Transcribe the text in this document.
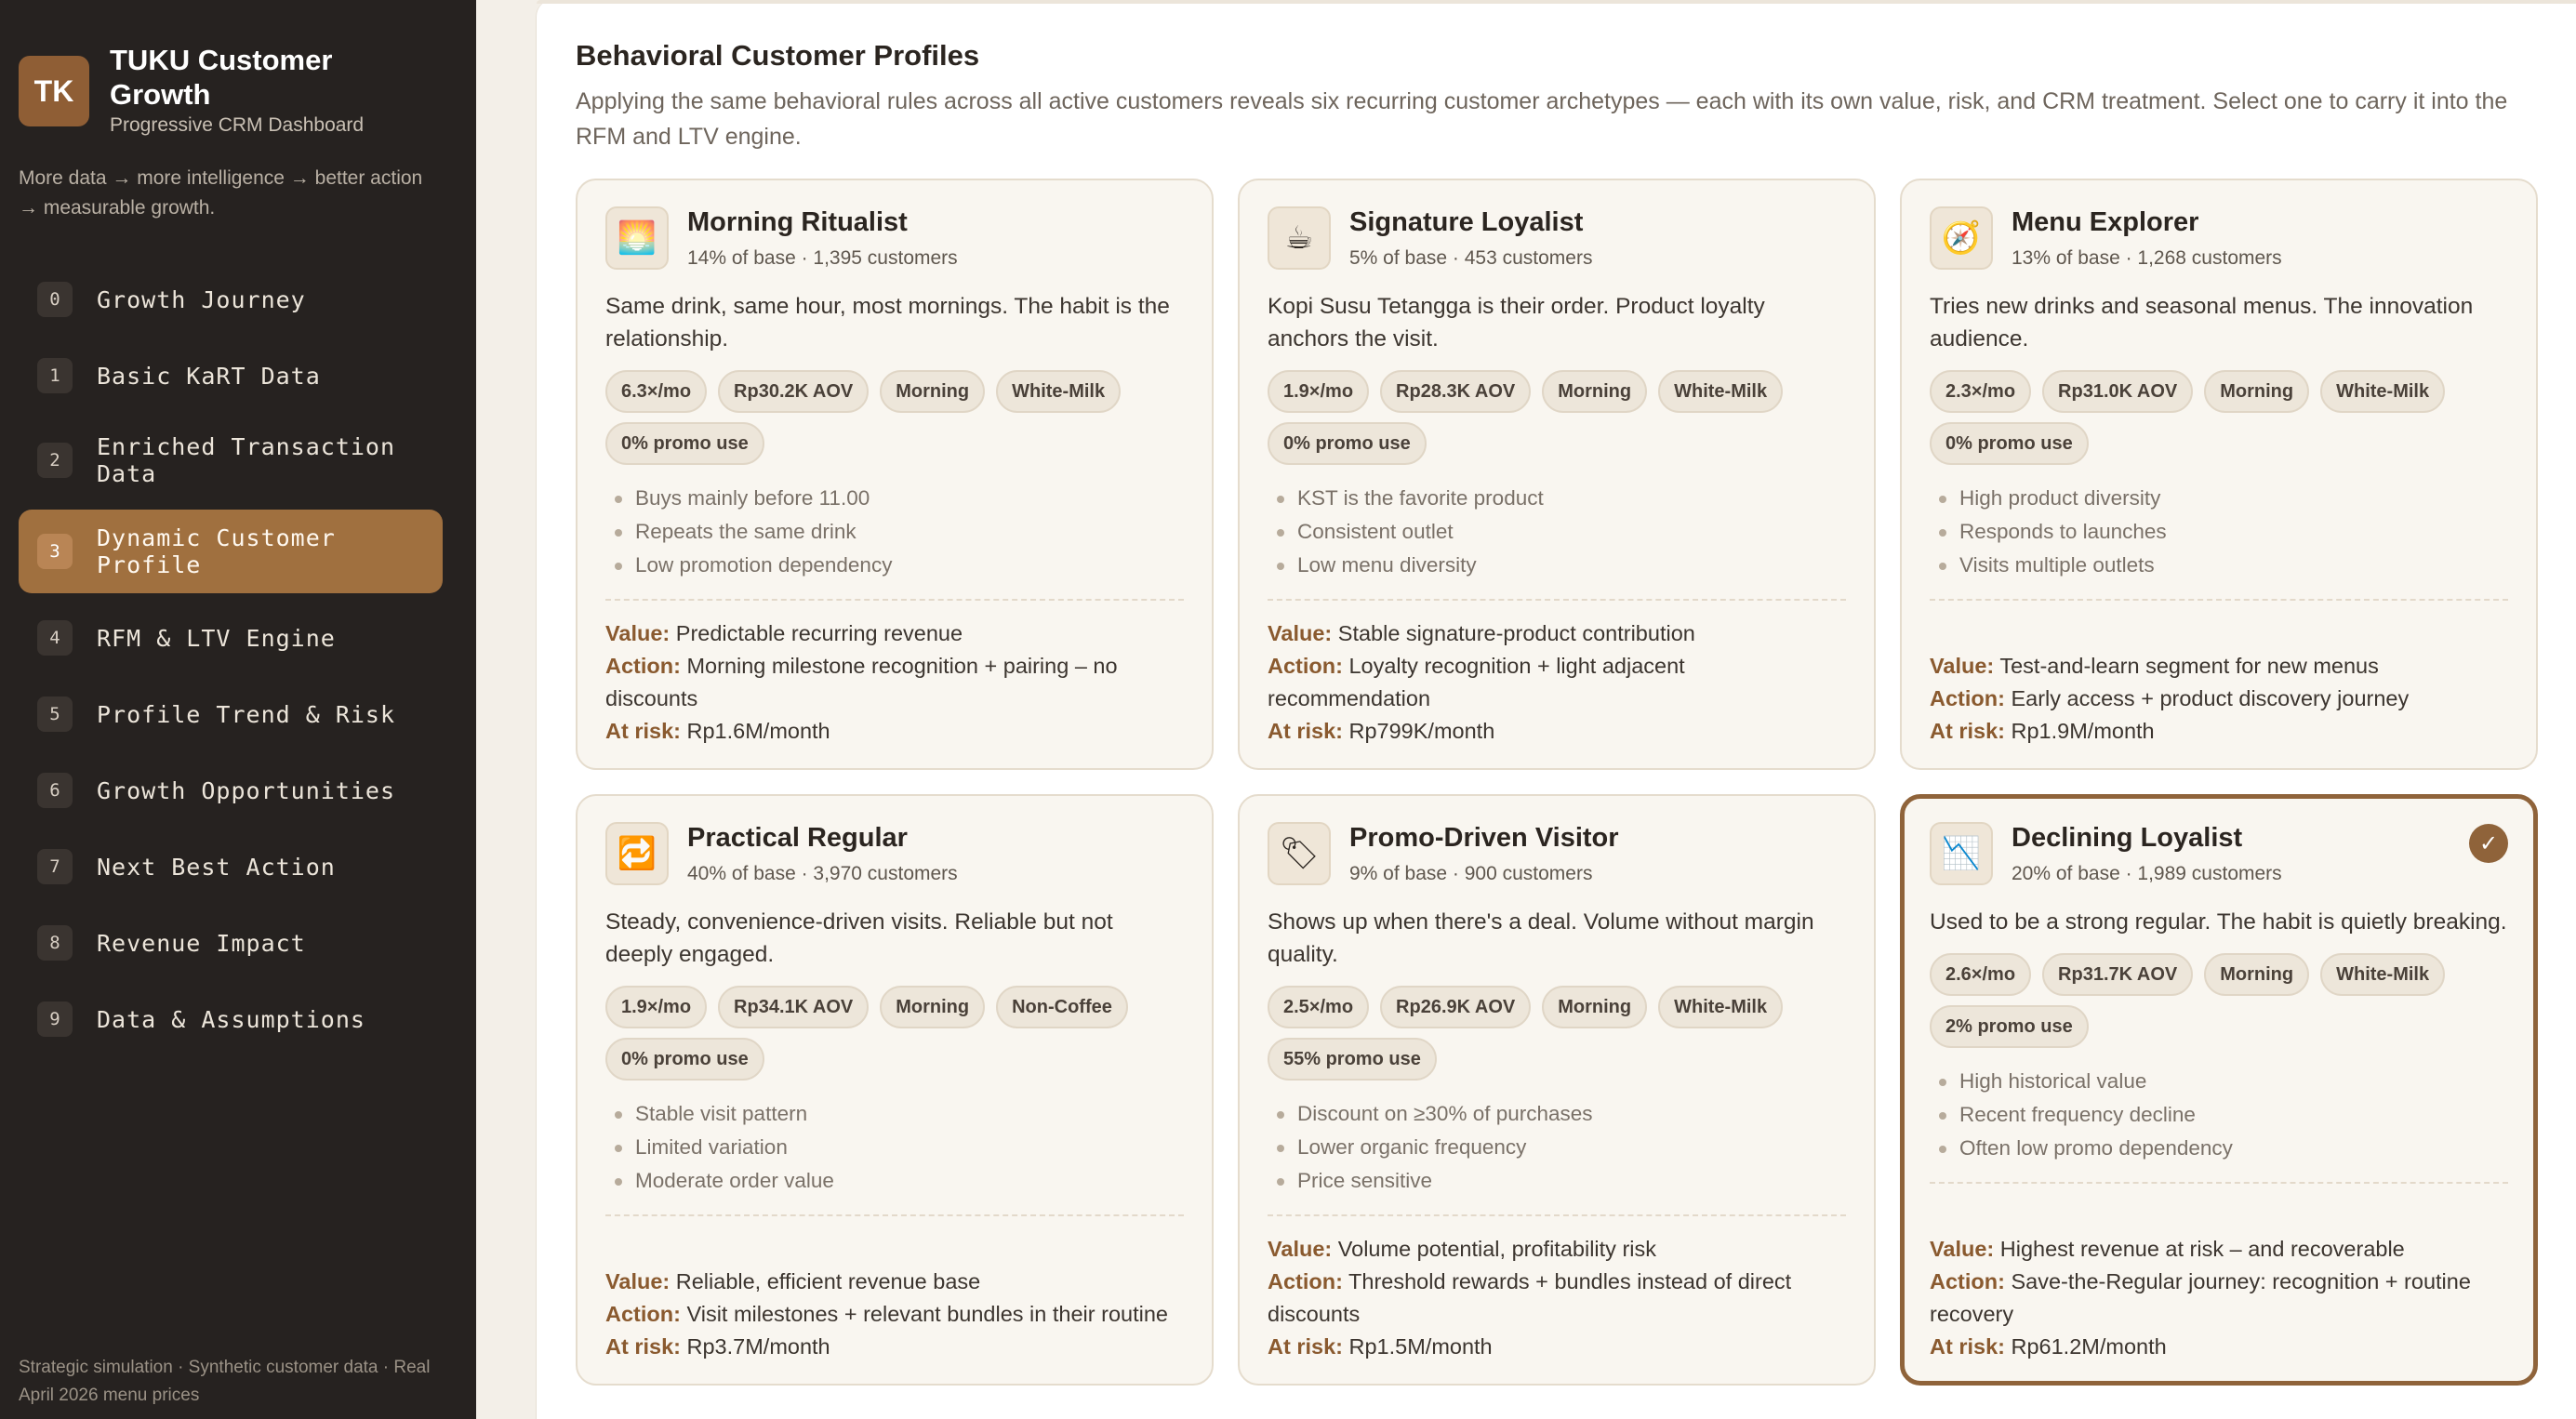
TK
TUKU Customer Growth
Progressive CRM Dashboard
More data → more intelligence → better action → measurable growth.
0	Growth Journey
1	Basic KaRT Data
2	Enriched Transaction Data
3	Dynamic Customer Profile
4	RFM & LTV Engine
5	Profile Trend & Risk
6	Growth Opportunities
7	Next Best Action
8	Revenue Impact
9	Data & Assumptions
Strategic simulation · Synthetic customer data · Real April 2026 menu prices
Behavioral Customer Profiles

Applying the same behavioral rules across all active customers reveals six recurring customer archetypes — each with its own value, risk, and CRM treatment. Select one to carry it into the RFM and LTV engine.

🌅	Morning Ritualist
14% of base · 1,395 customers
Same drink, same hour, most mornings. The habit is the relationship.
6.3×/mo	Rp30.2K AOV	Morning	White-Milk
0% promo use
Buys mainly before 11.00
Repeats the same drink
Low promotion dependency
Value: Predictable recurring revenue
Action: Morning milestone recognition + pairing – no discounts
At risk: Rp1.6M/month
☕	Signature Loyalist
5% of base · 453 customers
Kopi Susu Tetangga is their order. Product loyalty anchors the visit.
1.9×/mo	Rp28.3K AOV	Morning	White-Milk
0% promo use
KST is the favorite product
Consistent outlet
Low menu diversity
Value: Stable signature-product contribution
Action: Loyalty recognition + light adjacent recommendation
At risk: Rp799K/month
🧭	Menu Explorer
13% of base · 1,268 customers
Tries new drinks and seasonal menus. The innovation audience.
2.3×/mo	Rp31.0K AOV	Morning	White-Milk
0% promo use
High product diversity
Responds to launches
Visits multiple outlets
Value: Test-and-learn segment for new menus
Action: Early access + product discovery journey
At risk: Rp1.9M/month
🔁	Practical Regular
40% of base · 3,970 customers
Steady, convenience-driven visits. Reliable but not deeply engaged.
1.9×/mo	Rp34.1K AOV	Morning	Non-Coffee
0% promo use
Stable visit pattern
Limited variation
Moderate order value
Value: Reliable, efficient revenue base
Action: Visit milestones + relevant bundles in their routine
At risk: Rp3.7M/month
🏷	Promo-Driven Visitor
9% of base · 900 customers
Shows up when there's a deal. Volume without margin quality.
2.5×/mo	Rp26.9K AOV	Morning	White-Milk
55% promo use
Discount on ≥30% of purchases
Lower organic frequency
Price sensitive
Value: Volume potential, profitability risk
Action: Threshold rewards + bundles instead of direct discounts
At risk: Rp1.5M/month
📉	Declining Loyalist
20% of base · 1,989 customers
✓
Used to be a strong regular. The habit is quietly breaking.
2.6×/mo	Rp31.7K AOV	Morning	White-Milk
2% promo use
High historical value
Recent frequency decline
Often low promo dependency
Value: Highest revenue at risk – and recoverable
Action: Save-the-Regular journey: recognition + routine recovery
At risk: Rp61.2M/month
